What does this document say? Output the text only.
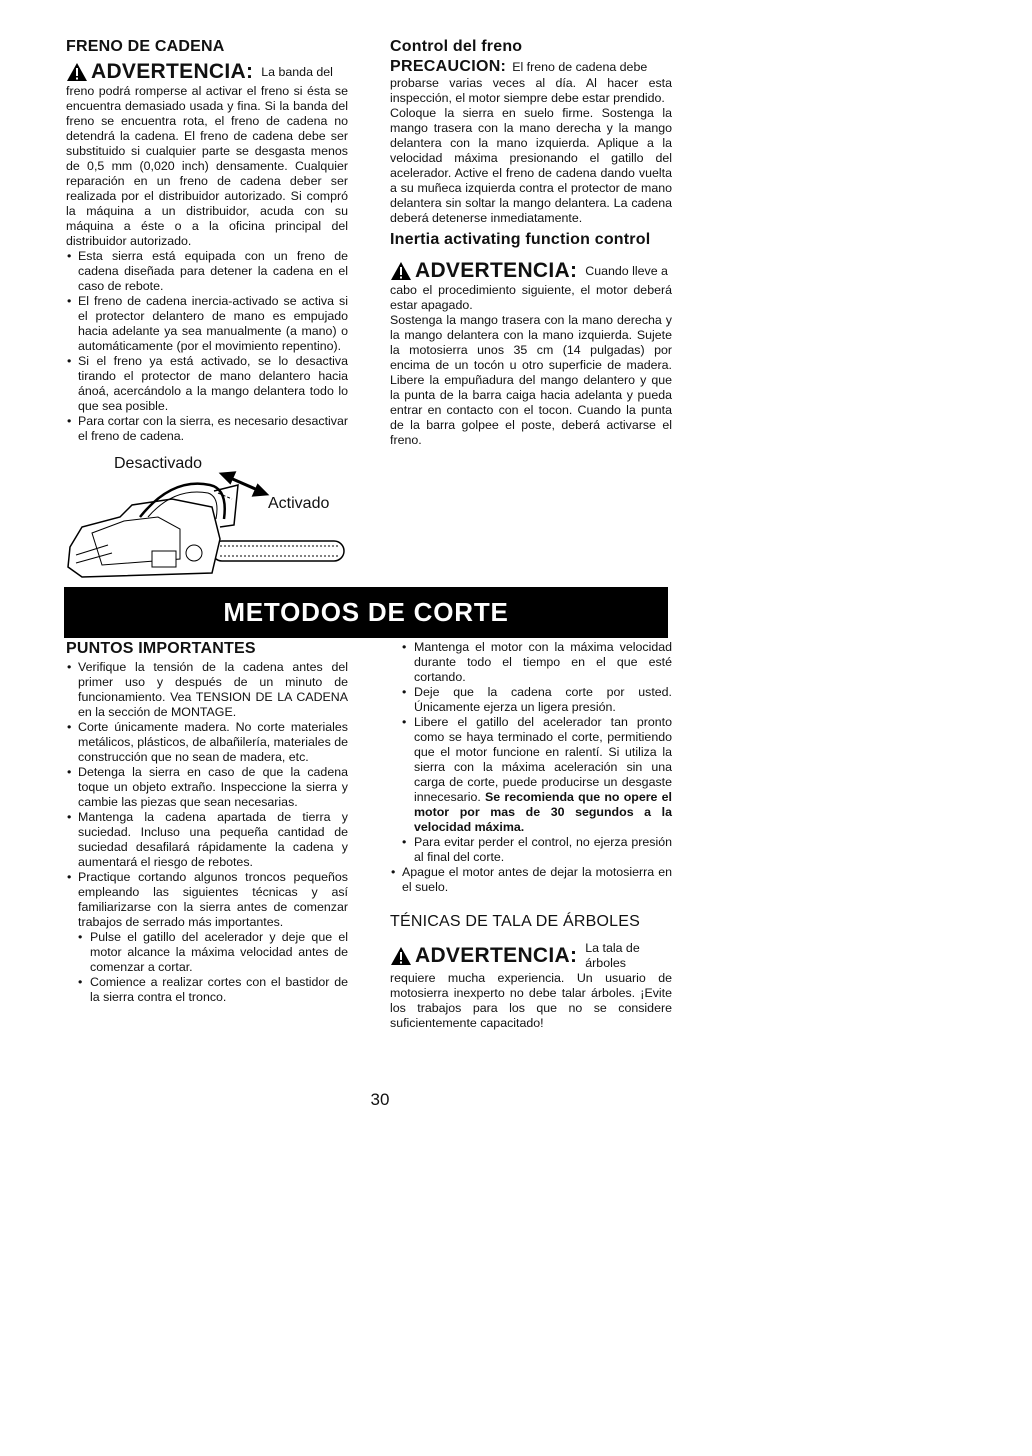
FRENO DE CADENA
ADVERTENCIA: La banda del

freno podrá romperse al activar el freno si ésta se encuentra demasiado usada y fina. Si la banda del freno se encuentra rota, el freno de cadena no detendrá la cadena. El freno de cadena debe ser substituido si cualquier parte se desgasta menos de 0,5 mm (0,020 inch) densamente. Cualquier reparación en un freno de cadena deber ser realizada por el distribuidor autorizado. Si compró la máquina a un distribuidor, acuda con su máquina a éste o a la oficina principal del distribuidor autorizado.

• Esta sierra está equipada con un freno de cadena diseñada para detener la cadena en el caso de rebote.
• El freno de cadena inercia-activado se activa si el protector delantero de mano es empujado hacia adelante ya sea manualmente (a mano) o automáticamente (por el movimiento repentino).
• Si el freno ya está activado, se lo desactiva tirando el protector de mano delantero hacia ánoá, acercándolo a la mango delantera todo lo que sea posible.
• Para cortar con la sierra, es necesario desactivar el freno de cadena.
Desactivado
Activado
Control del freno
PRECAUCION: El freno de cadena debe

probarse varias veces al día. Al hacer esta inspección, el motor siempre debe estar prendido.

Coloque la sierra en suelo firme. Sostenga la mango trasera con la mano derecha y la mango delantera con la mano izquierda. Aplique a la velocidad máxima presionando el gatillo del acelerador. Active el freno de cadena dando vuelta a su muñeca izquierda contra el protector de mano delantera sin soltar la mango delantera. La cadena deberá detenerse inmediatamente.

Inertia activating function control
ADVERTENCIA: Cuando lleve a

cabo el procedimiento siguiente, el motor deberá estar apagado.

Sostenga la mango trasera con la mano derecha y la mango delantera con la mano izquierda. Sujete la motosierra unos 35 cm (14 pulgadas) por encima de un tocón u otro superficie de madera. Libere la empuñadura del mango delantero y que la punta de la barra caiga hacia adelanta y pueda entrar en contacto con el tocon. Cuando la punta de la barra golpee el poste, deberá activarse el freno.

METODOS DE CORTE
PUNTOS IMPORTANTES
• Verifique la tensión de la cadena antes del primer uso y después de un minuto de funcionamiento. Vea TENSION DE LA CADENA en la sección de MONTAGE.
• Corte únicamente madera. No corte materiales metálicos, plásticos, de albañilería, materiales de construcción que no sean de madera, etc.
• Detenga la sierra en caso de que la cadena toque un objeto extraño. Inspeccione la sierra y cambie las piezas que sean necesarias.
• Mantenga la cadena apartada de tierra y suciedad. Incluso una pequeña cantidad de suciedad desafilará rápidamente la cadena y aumentará el riesgo de rebotes.
• Practique cortando algunos troncos pequeños empleando las siguientes técnicas y así familiarizarse con la sierra antes de comenzar trabajos de serrado más importantes.
• Pulse el gatillo del acelerador y deje que el motor alcance la máxima velocidad antes de comenzar a cortar.
• Comience a realizar cortes con el bastidor de la sierra contra el tronco.
• Mantenga el motor con la máxima velocidad durante todo el tiempo en el que esté cortando.
• Deje que la cadena corte por usted. Únicamente ejerza un ligera presión.
• Libere el gatillo del acelerador tan pronto como se haya terminado el corte, permitiendo que el motor funcione en ralentí. Si utiliza la sierra con la máxima aceleración sin una carga de corte, puede producirse un desgaste innecesario. Se recomienda que no opere el motor por mas de 30 segundos a la velocidad máxima.
• Para evitar perder el control, no ejerza presión al final del corte.
• Apague el motor antes de dejar la motosierra en el suelo.
TÉNICAS DE TALA DE ÁRBOLES
ADVERTENCIA: La tala de árboles

requiere mucha experiencia. Un usuario de motosierra inexperto no debe talar árboles. ¡Evite los trabajos para los que no se considere suficientemente capacitado!

30
